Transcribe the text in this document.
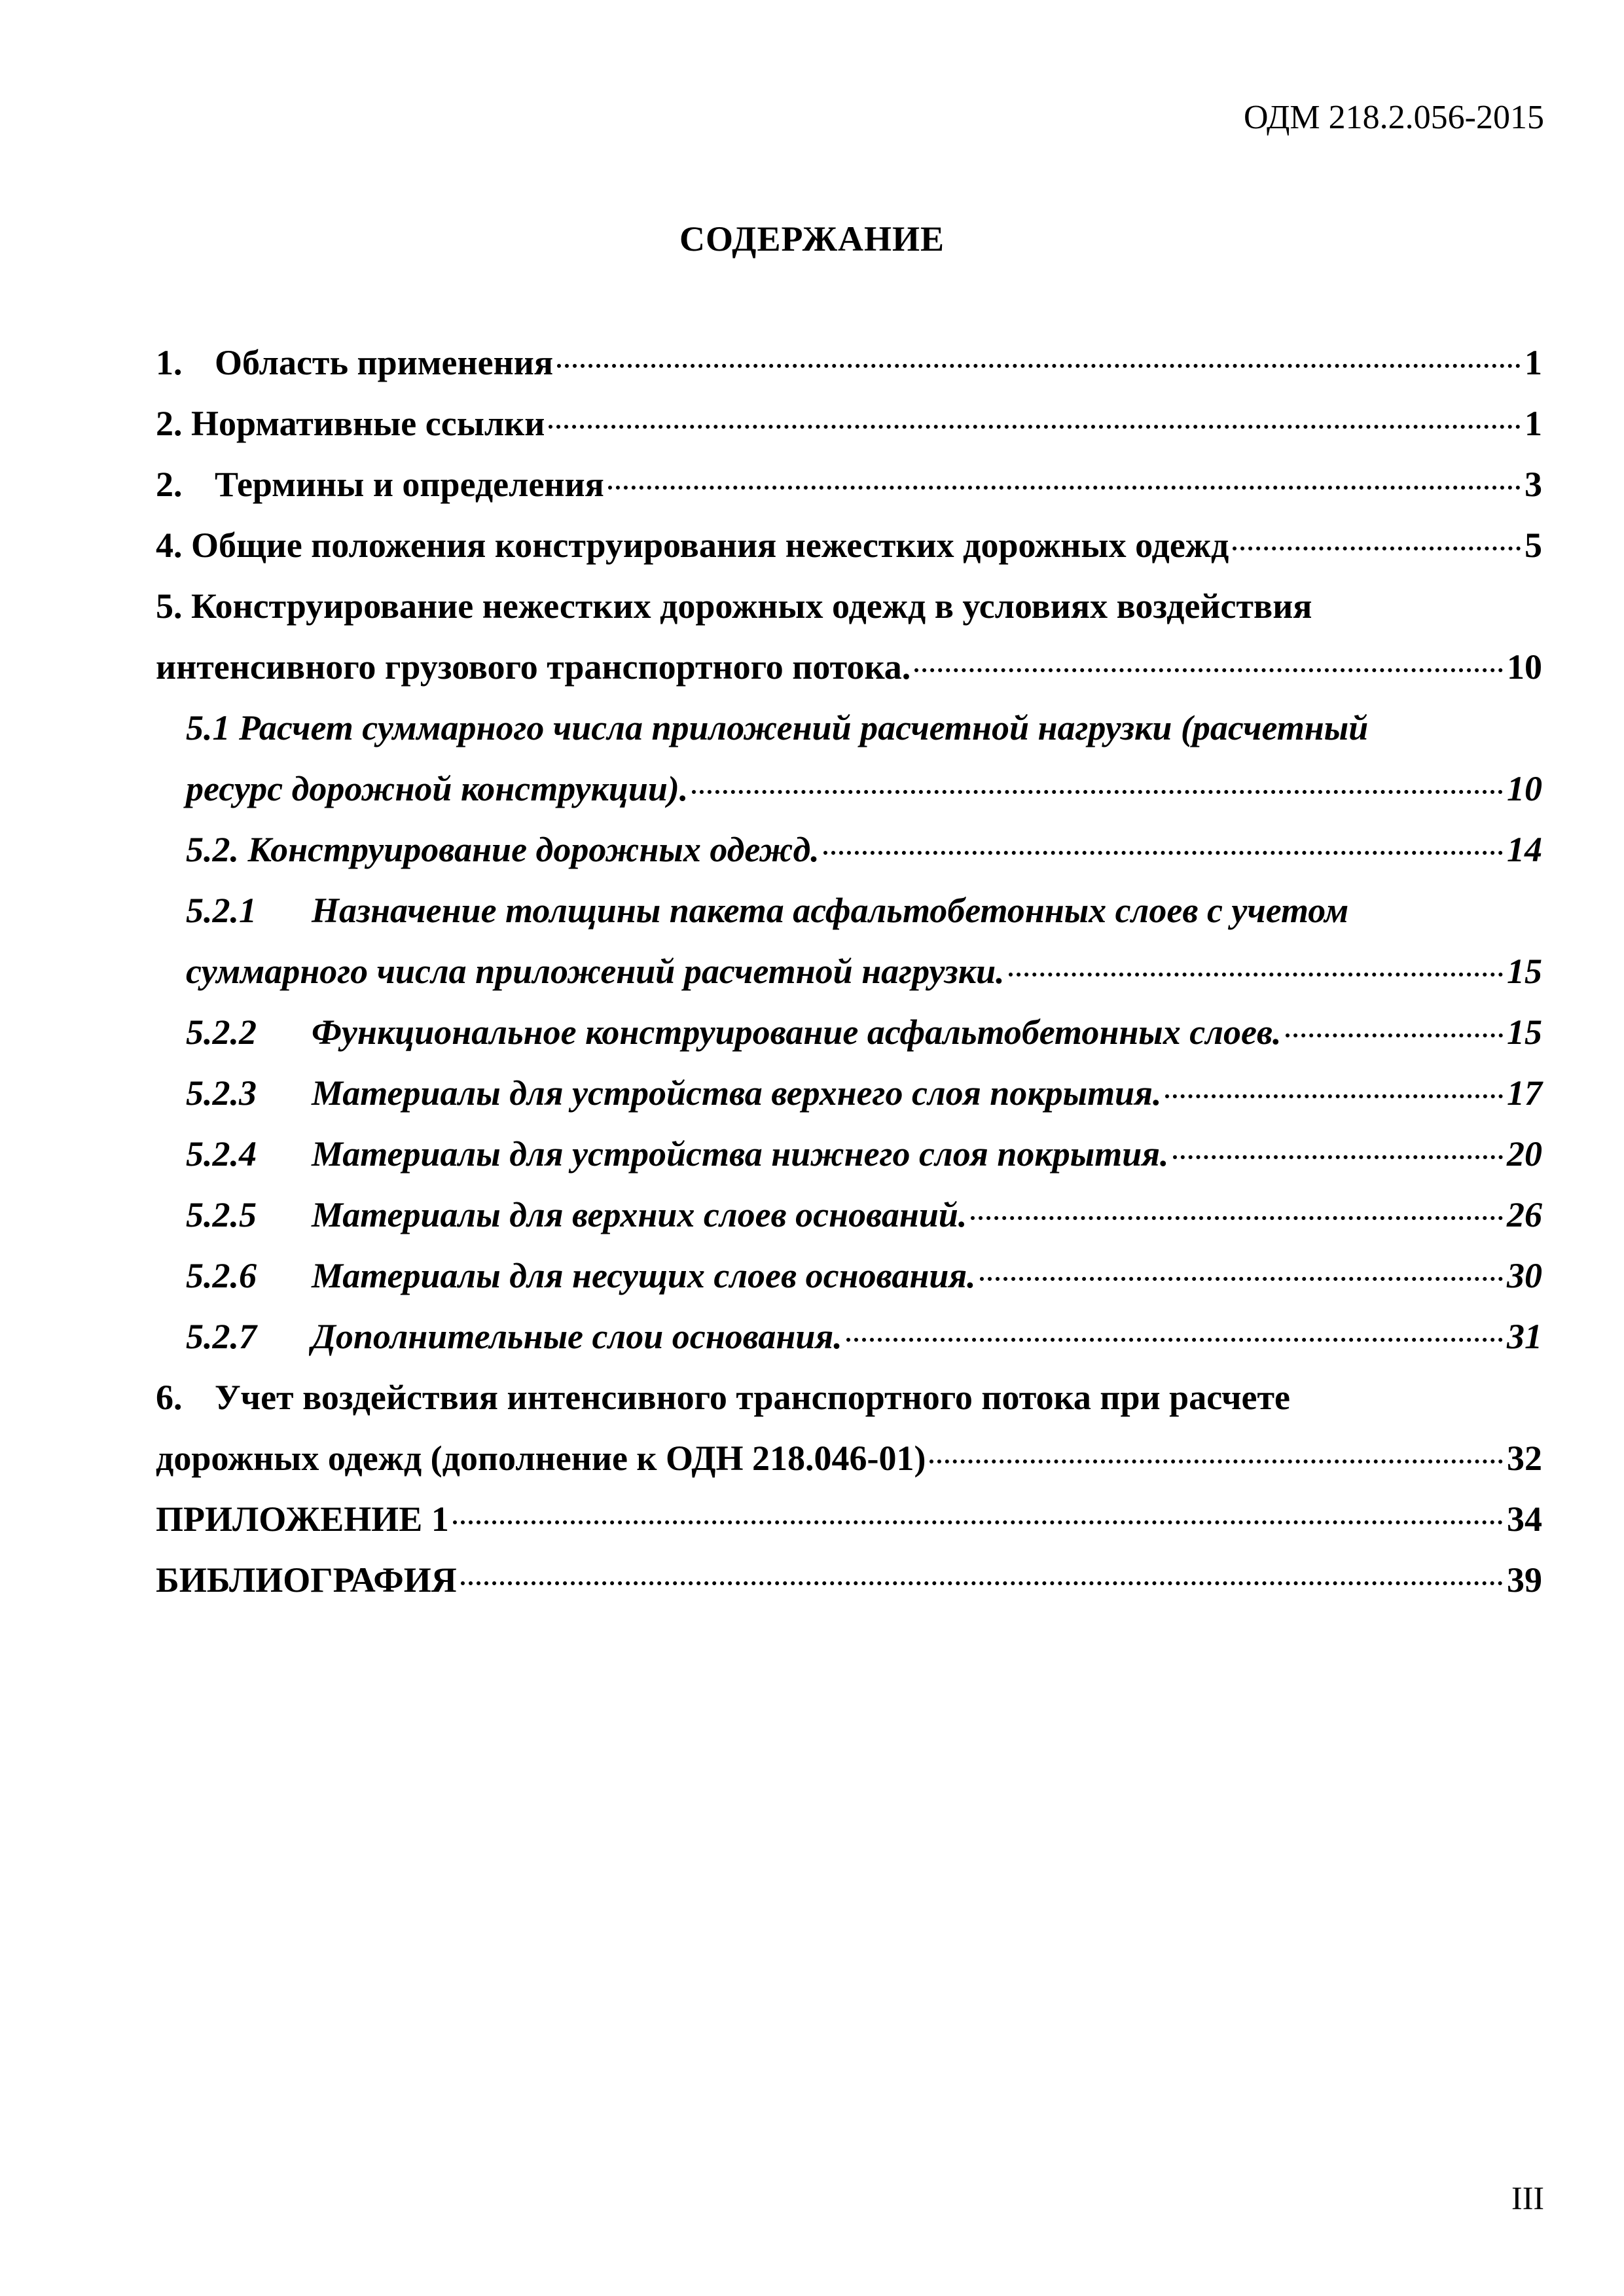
ОДМ 218.2.056-2015
СОДЕРЖАНИЕ
1. Область применения	1
2. Нормативные ссылки	1
2. Термины и определения	3
4. Общие положения конструирования нежестких дорожных одежд	5
5. Конструирование нежестких дорожных одежд в условиях воздействия
интенсивного грузового транспортного потока.	10
5.1 Расчет суммарного числа приложений расчетной нагрузки (расчетный
ресурс дорожной конструкции).	10
5.2. Конструирование дорожных одежд.	14
5.2.1 Назначение толщины пакета асфальтобетонных слоев с учетом
суммарного числа приложений расчетной нагрузки.	15
5.2.2	Функциональное конструирование асфальтобетонных слоев.	15
5.2.3	Материалы для устройства верхнего слоя покрытия.	17
5.2.4	Материалы для устройства нижнего слоя покрытия.	20
5.2.5	Материалы для верхних слоев оснований.	26
5.2.6	Материалы для несущих слоев основания.	30
5.2.7	Дополнительные слои основания.	31
6. Учет воздействия интенсивного транспортного потока при расчете
дорожных одежд (дополнение к ОДН 218.046-01)	32
ПРИЛОЖЕНИЕ 1	34
БИБЛИОГРАФИЯ	39
III
